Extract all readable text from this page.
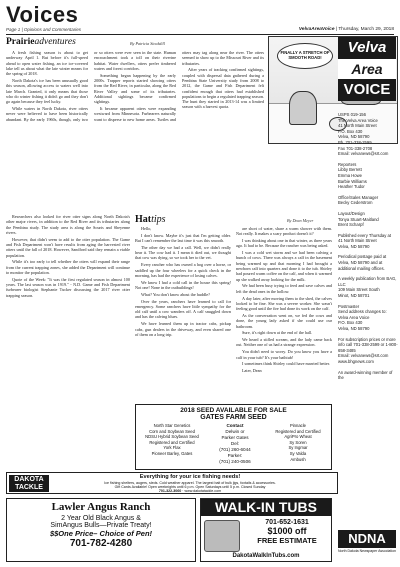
Voices
Page 1 | Opinions and Commentaries	VelvaAreaVoice | Thursday, March 29, 2018
Prairieadventures	By Patricia Stockdill

A fresh fishing season is about to get underway April 1. But before it's full-speed ahead to open water fishing, an ice ice-covered lake tell us about what the late winter means for the spring of 2018.

North Dakota's ice has been unusually good this season, allowing access to waters well into late March. Granted, it only means that those who do winter fishing it didn't go and they don't go again because they feel lucky.

While waters in North Dakota, river otters never were believed to have been historically abundant. By the early 1960s, though, only two or so otters were ever seen in the state. Human encroachment took a toll on their riverine habitat. Water dwellers, otters prefer timbered waters and forest corridors.

Something began happening by the early 2000s. Trapper reports started showing otters from the Red River, in particular, along the Red River Valley and some of its tributaries. Additional sightings became confirmed sightings.

It became apparent otters were expanding westward from Minnesota. Furbearers naturally want to disperse to new home areas. Turtles and otters may tag along near the river. The otters seemed to show up to the Missouri River and its tributaries.

After years of tracking confirmed sightings, coupled with dispersal data gathered during a Pembina State University study from 2008 to 2012, the Game and Fish Department felt confident enough that otters had established populations to begin a regulated trapping season. The hunt they started in 2013-14 was a limited season with a harvest quota.

FINALLY A STRETCH OF SMOOTH ROAD!
Hattips	By Dean Meyer

Hello,

I don't know. Maybe it's just that I'm getting older. But I can't remember the last time it was this smooth.

The other day we had a call. Well, we didn't really hear it. The cow had it. I mean it died out, we thought that cow was dying, so we took her to the vet.

Every rancher who has owned a hog over a horse, or saddled up the four wheelers for a quick check in the morning, has had the experience of losing calves.

We know I had a cold call in the house this spring! Not one! None in the outbuildings!

What? You don't know about the huddle?

Over the years, ranchers have learned to call for emergency. Some ranchers have little sympathy for the old calf until a cow wanders off. A calf snuggled down and has the calving blues.

We have learned them up in tractor cabs, pickup cabs, gun dealers in the driveway, and even shared one of them on a long trip.

are short of water, share a warm shower with them. Not really. It makes a scary product doesn't it?

I was thinking about one in that winter, as three years ago. It had to be. Because the rancher was being asked.

I was a cold wet storm and we had been calving a bunch of cows. There was always a calf in the basement being warmed up and that morning I had brought a newborn calf into quarters and done it to the tub. Shirley had poured warm coffee on the calf, and when it warmed up she walked away looking for the milk.

We had been busy trying to feed and save calves and left the dead ones in the hollow.

A day later, after moving them to the shed, the calves looked to be fine. She was a severe worker. She wasn't feeling good until the fire had done its work on the calf.

As the conversation went on, we fed the cows and done, the young lady asked if she could use our bathroom.

Sure, it's right down at the end of the hall.

We heard a stifled scream, and the lady came back out. Neither one of us had a strange expression.

You didn't need to worry. Do you know you have a calf in your tub? It's your bathtub!

I sometimes think Shirley could have married better.

Later, Dean

Researchers also looked for river otter signs along North Dakota's other major rivers, in addition to the Red River and its tributaries along the Pembina study. The study area is along the Souris and Sheyenne rivers.

However, that didn't seem to add to the otter population. The Game and Fish Department won't have results from aging the harvested river otters until the fall of 2018. However, Sandford said they remain a viable population.

While it's too early to tell whether the otters will expand their range from the current trapping zones, she added the Department will continue to monitor the population.

Quote of the Week: "It was the first regulated season in almost 100 years. The last season was in 1919." - N.D. Game and Fish Department furbearer biologist Stephanie Tucker discussing the 2017 river otter trapping season.

Velva
Area
VOICE
USPS 019-156
The Velva Area Voice
41 North Main Street
P.O. Box 430
Velva, ND 58790
Ph. 701-338-2599
Fax 701-338-2708
Email: velvanews@srt.com
Reporters
Libby Berrett
Emma Howe
Barbie Williams
Heather Tudor
Office/Sales Manager
Becky Cederstrom
Layout/Design
Tonya Stuart-Maitland
Brent Scharpf
Published every Thursday at
41 North Main Street
Velva, ND 58790
Periodical postage paid at Velva, ND 58790 and at additional mailing offices.
A weekly publication from BAG, LLC
109 Main Street South
Minot, ND 58701
Postmaster
Send address changes to:
Velva Area Voice
P.O. Box 430
Velva, ND 58790
For subscription prices or more info call 701-338-2599 or 1-800-658-3485
Email: velvanews@srt.com
www.bhgnews.com
An award-winning member of the
NDNA
North Dakota Newspaper Association
2018 SEED AVAILABLE FOR SALE
GATES FARM SEED
North Star Genetics
Corn and Soybean Seed
NDSU Hybrid Soybean Seed
Registered and Certified
York Flax
Pioneer Barley, Gates
Contact
Delwin or
Parker Gates
Del:
(701) 260-6044
Parker:
(701) 240-0506
Pinnacle
Registered and Certified
AgriPro Wheat
Sy Soren
Sy Ingmar
Sy Valda
Ambush
DAKOTA TACKLE
Everything for your ice fishing needs!
Ice fishing shelters, augers, sleds. Cold weather apparel. The largest bait of bulk jigs, foxtails & accessories.
Gift Cards Available! Open weeknights until 6 p.m. Open Saturdays until 5 p.m. Closed Sunday
701-322-3060 · www.dakotatackle.com
Lawler Angus Ranch
2 Year Old Black Angus &
SimAngus Bulls—Private Treaty!
$$One Price– Choice of Pen!
701-782-4280
WALK-IN TUBS
701-652-1631
$1000 off
FREE ESTIMATE
DakotaWalkInTubs.com
